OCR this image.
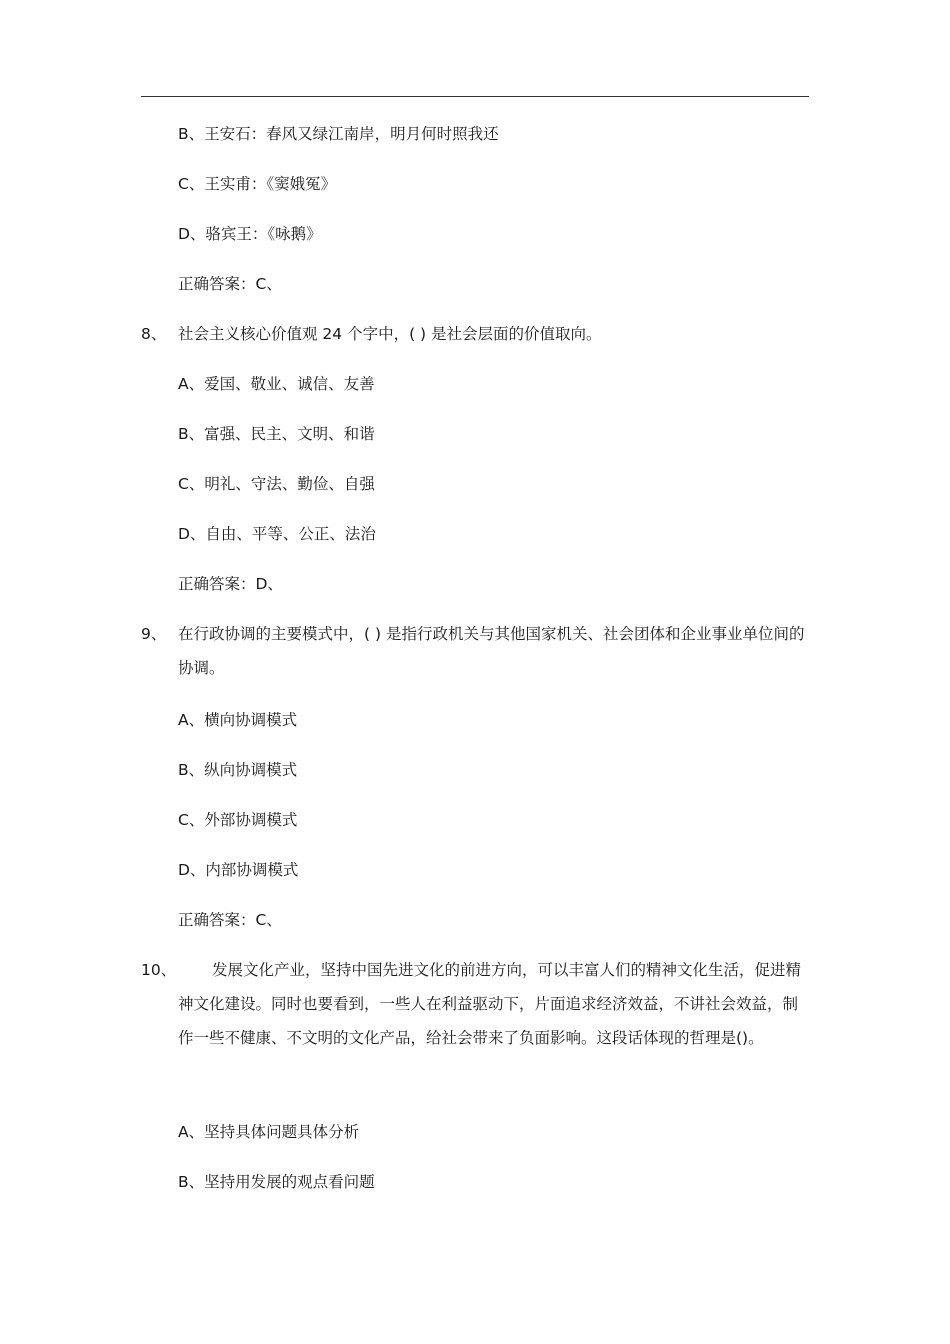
B、王安石：春风又绿江南岸，明月何时照我还
C、王实甫：《窦娥冤》
D、骆宾王：《咏鹅》
正确答案：C、
8、 社会主义核心价值观 24 个字中，( ) 是社会层面的价值取向。
A、爱国、敬业、诚信、友善
B、富强、民主、文明、和谐
C、明礼、守法、勤俭、自强
D、自由、平等、公正、法治
正确答案：D、
9、 在行政协调的主要模式中，( ) 是指行政机关与其他国家机关、社会团体和企业事业单位间的协调。
A、横向协调模式
B、纵向协调模式
C、外部协调模式
D、内部协调模式
正确答案：C、
10、	发展文化产业，坚持中国先进文化的前进方向，可以丰富人们的精神文化生活，促进精神文化建设。同时也要看到，一些人在利益驱动下，片面追求经济效益，不讲社会效益，制作一些不健康、不文明的文化产品，给社会带来了负面影响。这段话体现的哲理是()。
A、坚持具体问题具体分析
B、坚持用发展的观点看问题
